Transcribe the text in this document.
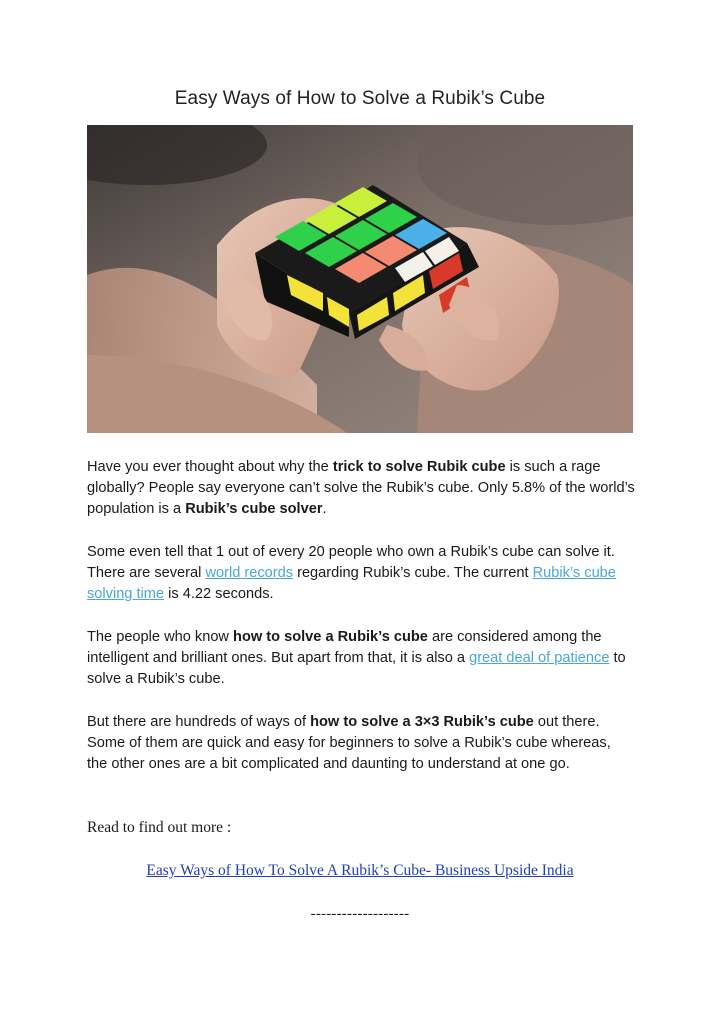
Easy Ways of How to Solve a Rubik’s Cube

Have you ever thought about why the trick to solve Rubik cube is such a rage globally? People say everyone can’t solve the Rubik’s cube. Only 5.8% of the world’s population is a Rubik’s cube solver.

Some even tell that 1 out of every 20 people who own a Rubik’s cube can solve it. There are several world records regarding Rubik’s cube. The current Rubik’s cube solving time is 4.22 seconds.

The people who know how to solve a Rubik’s cube are considered among the intelligent and brilliant ones. But apart from that, it is also a great deal of patience to solve a Rubik’s cube.

But there are hundreds of ways of how to solve a 3×3 Rubik’s cube out there. Some of them are quick and easy for beginners to solve a Rubik’s cube whereas, the other ones are a bit complicated and daunting to understand at one go.

Read to find out more :
Easy Ways of How To Solve A Rubik’s Cube- Business Upside India
-------------------
